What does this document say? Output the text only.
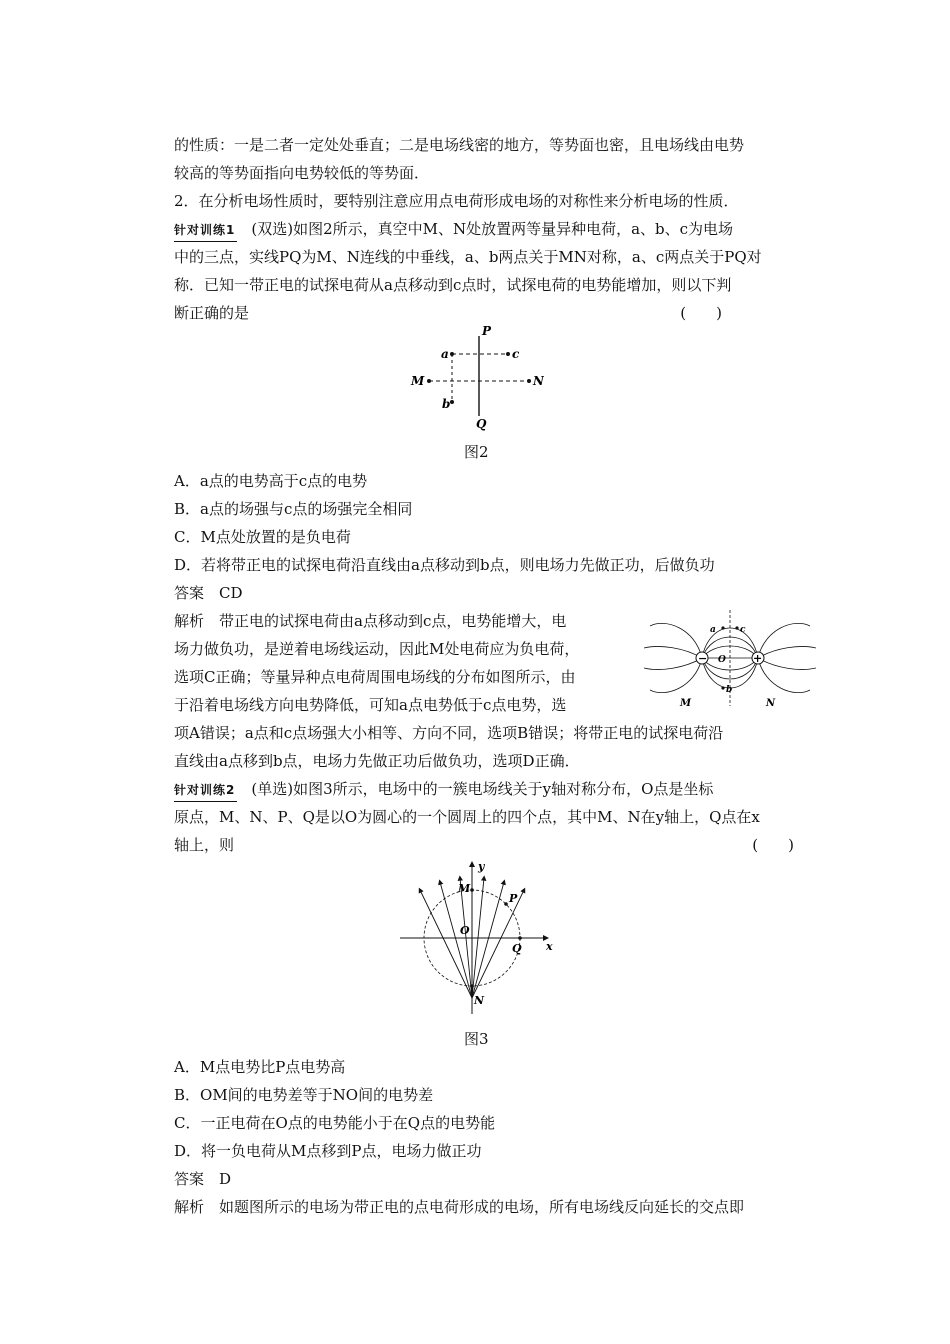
的性质：一是二者一定处处垂直；二是电场线密的地方，等势面也密，且电场线由电势
较高的等势面指向电势较低的等势面．
2．在分析电场性质时，要特别注意应用点电荷形成电场的对称性来分析电场的性质．
针对训练1 (双选)如图2所示，真空中M、N处放置两等量异种电荷，a、b、c为电场
中的三点，实线PQ为M、N连线的中垂线，a、b两点关于MN对称，a、c两点关于PQ对
称．已知一带正电的试探电荷从a点移动到c点时，试探电荷的电势能增加，则以下判
断正确的是	(　　)
P
Q
M	N
a	c
b
图2
A．a点的电势高于c点的电势
B．a点的场强与c点的场强完全相同
C．M点处放置的是负电荷
D．若将带正电的试探电荷沿直线由a点移动到b点，则电场力先做正功，后做负功
答案　CD
解析　带正电的试探电荷由a点移动到c点，电势能增大，电
场力做负功，是逆着电场线运动，因此M处电荷应为负电荷，
选项C正确；等量异种点电荷周围电场线的分布如图所示，由
于沿着电场线方向电势降低，可知a点电势低于c点电势，选
项A错误；a点和c点场强大小相等、方向不同，选项B错误；将带正电的试探电荷沿
直线由a点移到b点，电场力先做正功后做负功，选项D正确．
−	+
a	c
O
b
M	N
针对训练2 (单选)如图3所示，电场中的一簇电场线关于y轴对称分布，O点是坐标
原点，M、N、P、Q是以O为圆心的一个圆周上的四个点，其中M、N在y轴上，Q点在x
轴上，则	(　　)
y
x
M
P
O
Q
N
图3
A．M点电势比P点电势高
B．OM间的电势差等于NO间的电势差
C．一正电荷在O点的电势能小于在Q点的电势能
D．将一负电荷从M点移到P点，电场力做正功
答案　D
解析　如题图所示的电场为带正电的点电荷形成的电场，所有电场线反向延长的交点即
